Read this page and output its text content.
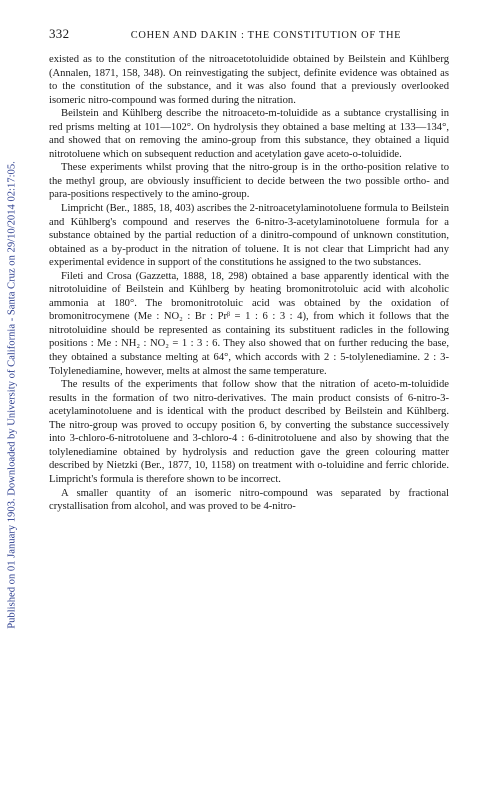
Published on 01 January 1903. Downloaded by University of California - Santa Cruz on 29/10/2014 02:17:05.
332	COHEN AND DAKIN : THE CONSTITUTION OF THE

existed as to the constitution of the nitroacetotoluidide obtained by Beilstein and Kühlberg (Annalen, 1871, 158, 348). On reinvestigating the subject, definite evidence was obtained as to the constitution of the substance, and it was also found that a previously overlooked isomeric nitro-compound was formed during the nitration.

Beilstein and Kühlberg describe the nitroaceto-m-toluidide as a subtance crystallising in red prisms melting at 101—102°. On hydrolysis they obtained a base melting at 133—134°, and showed that on removing the amino-group from this substance, they obtained a liquid nitrotoluene which on subsequent reduction and acetylation gave aceto-o-toluidide.

These experiments whilst proving that the nitro-group is in the ortho-position relative to the methyl group, are obviously insufficient to decide between the two possible ortho- and para-positions respectively to the amino-group.

Limpricht (Ber., 1885, 18, 403) ascribes the 2-nitroacetylaminotoluene formula to Beilstein and Kühlberg's compound and reserves the 6-nitro-3-acetylaminotoluene formula for a substance obtained by the partial reduction of a dinitro-compound of unknown constitution, obtained as a by-product in the nitration of toluene. It is not clear that Limpricht had any experimental evidence in support of the constitutions he assigned to the two substances.

Fileti and Crosa (Gazzetta, 1888, 18, 298) obtained a base apparently identical with the nitrotoluidine of Beilstein and Kühlberg by heating bromonitrotoluic acid with alcoholic ammonia at 180°. The bromonitrotoluic acid was obtained by the oxidation of bromonitrocymene (Me : NO₂ : Br : Prᵝ = 1 : 6 : 3 : 4), from which it follows that the nitrotoluidine should be represented as containing its substituent radicles in the following positions : Me : NH₂ : NO₂ = 1 : 3 : 6. They also showed that on further reducing the base, they obtained a substance melting at 64°, which accords with 2 : 5-tolylenediamine. 2 : 3-Tolylenediamine, however, melts at almost the same temperature.

The results of the experiments that follow show that the nitration of aceto-m-toluidide results in the formation of two nitro-derivatives. The main product consists of 6-nitro-3-acetylaminotoluene and is identical with the product described by Beilstein and Kühlberg. The nitro-group was proved to occupy position 6, by converting the substance successively into 3-chloro-6-nitrotoluene and 3-chloro-4 : 6-dinitrotoluene and also by showing that the tolylenediamine obtained by hydrolysis and reduction gave the green colouring matter described by Nietzki (Ber., 1877, 10, 1158) on treatment with o-toluidine and ferric chloride. Limpricht's formula is therefore shown to be incorrect.

A smaller quantity of an isomeric nitro-compound was separated by fractional crystallisation from alcohol, and was proved to be 4-nitro-
